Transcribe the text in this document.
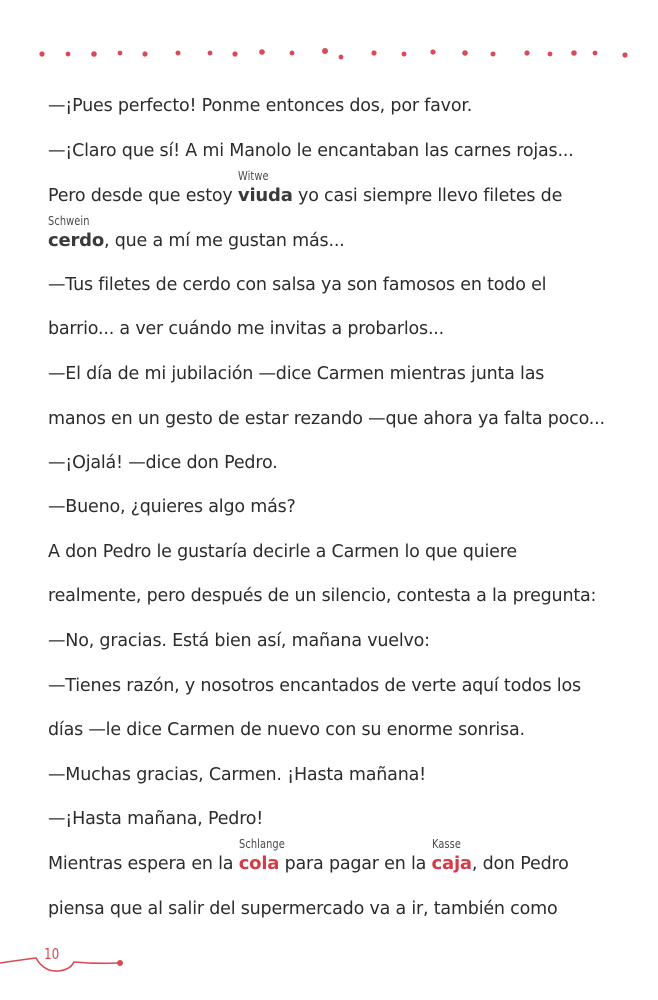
—¡Pues perfecto! Ponme entonces dos, por favor.
—¡Claro que sí! A mi Manolo le encantaban las carnes rojas...
Pero desde que estoy
Witwe
viuda yo casi siempre llevo filetes de
Schwein
cerdo, que a mí me gustan más...
—Tus filetes de cerdo con salsa ya son famosos en todo el
barrio... a ver cuándo me invitas a probarlos...
—El día de mi jubilación —dice Carmen mientras junta las
manos en un gesto de estar rezando —que ahora ya falta poco...
—¡Ojalá! —dice don Pedro.
—Bueno, ¿quieres algo más?
A don Pedro le gustaría decirle a Carmen lo que quiere
realmente, pero después de un silencio, contesta a la pregunta:
—No, gracias. Está bien así, mañana vuelvo:
—Tienes razón, y nosotros encantados de verte aquí todos los
días —le dice Carmen de nuevo con su enorme sonrisa.
—Muchas gracias, Carmen. ¡Hasta mañana!
—¡Hasta mañana, Pedro!
Mientras espera en la
Schlange
cola para pagar en la
Kasse
caja, don Pedro
piensa que al salir del supermercado va a ir, también como
10
